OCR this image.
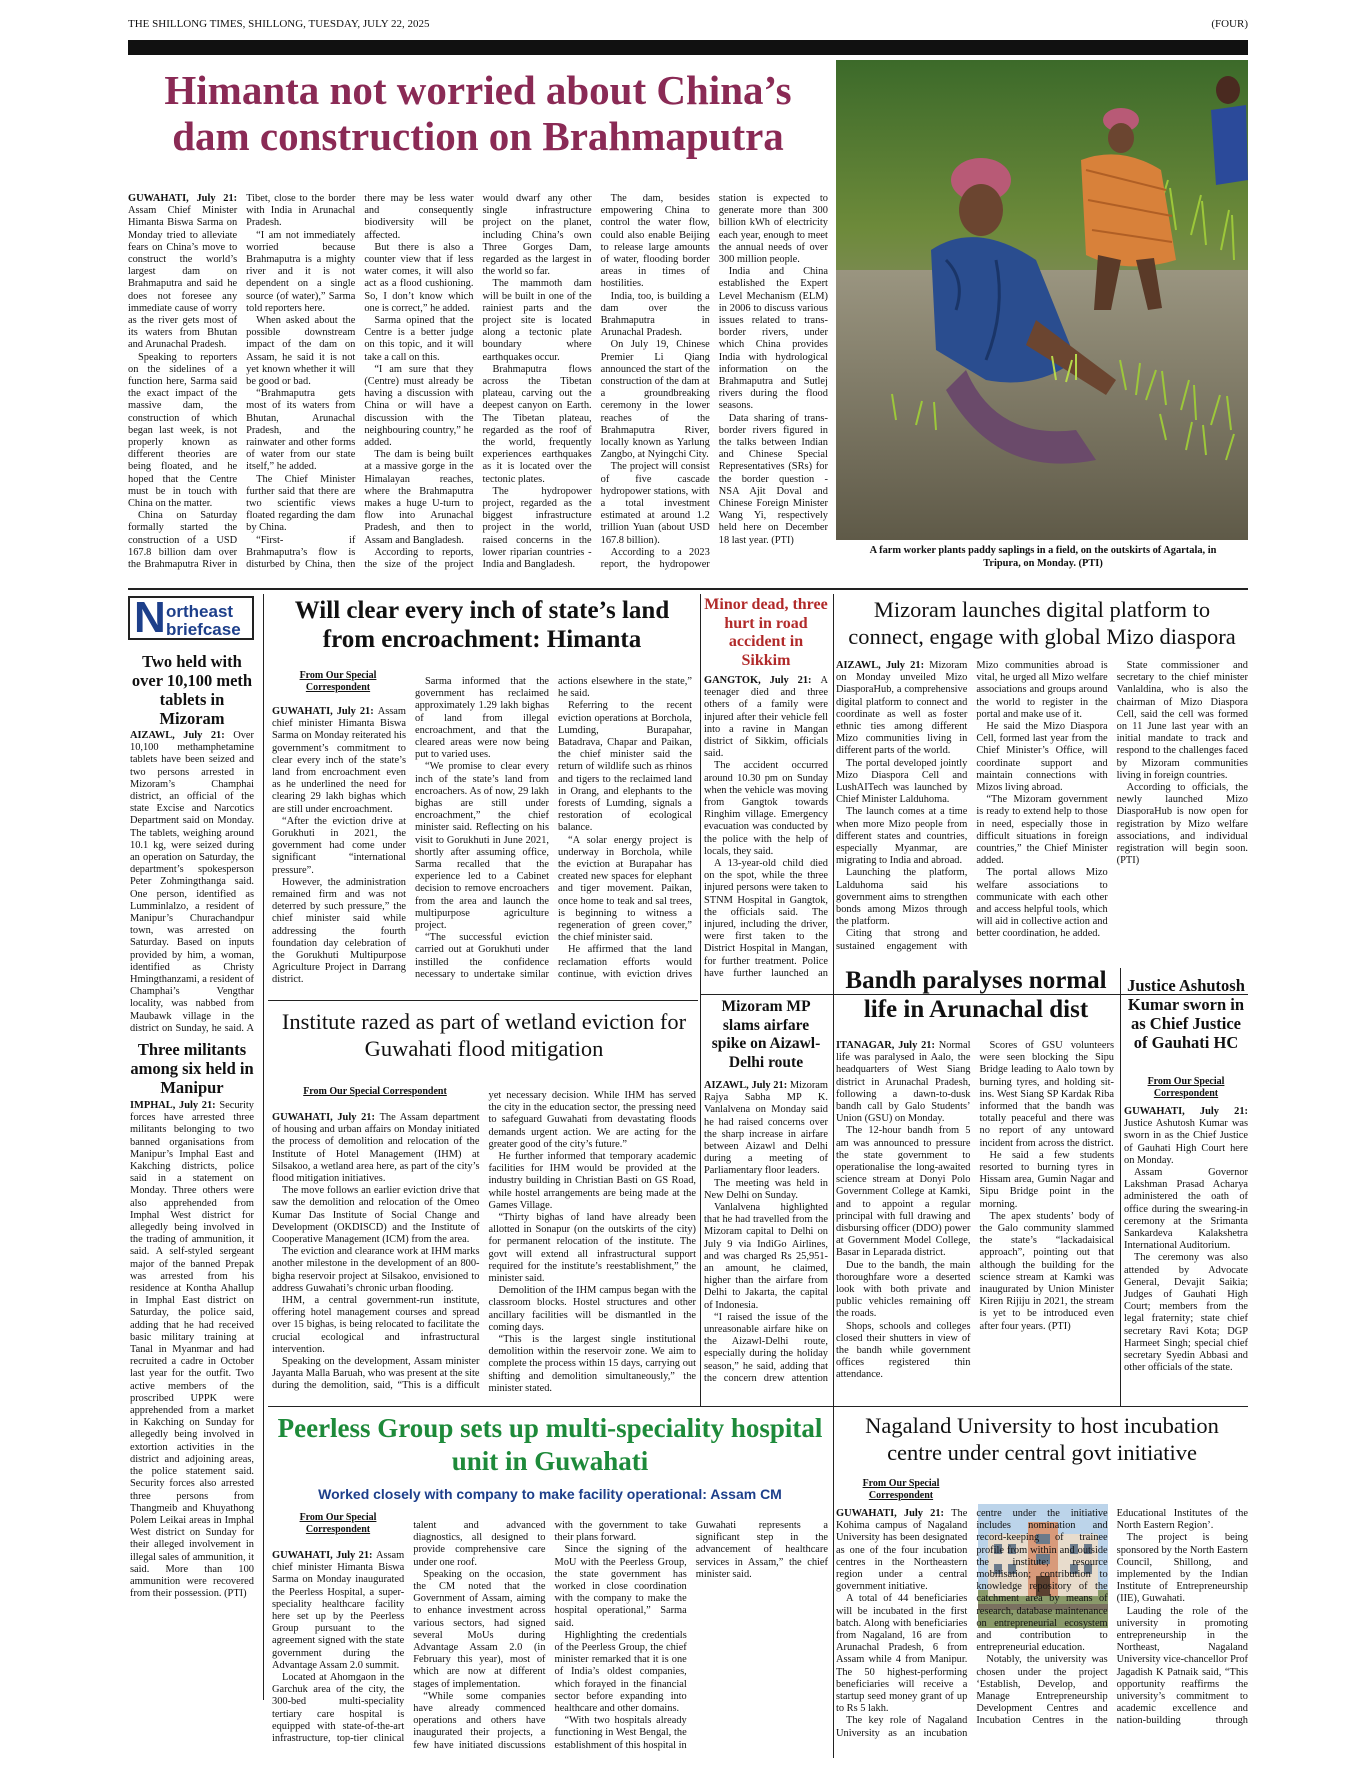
THE SHILLONG TIMES, SHILLONG, TUESDAY, JULY 22, 2025	(FOUR)
Himanta not worried about China’s dam construction on Brahmaputra

GUWAHATI, July 21: Assam Chief Minister Himanta Biswa Sarma on Monday tried to alleviate fears on China’s move to construct the world’s largest dam on Brahmaputra and said he does not foresee any immediate cause of worry as the river gets most of its waters from Bhutan and Arunachal Pradesh.

Speaking to reporters on the sidelines of a function here, Sarma said the exact impact of the massive dam, the construction of which began last week, is not properly known as different theories are being floated, and he hoped that the Centre must be in touch with China on the matter.

China on Saturday formally started the construction of a USD 167.8 billion dam over the Brahmaputra River in Tibet, close to the border with India in Arunachal Pradesh.

“I am not immediately worried because Brahmaputra is a mighty river and it is not dependent on a single source (of water),” Sarma told reporters here.

When asked about the possible downstream impact of the dam on Assam, he said it is not yet known whether it will be good or bad.

“Brahmaputra gets most of its waters from Bhutan, Arunachal Pradesh, and the rainwater and other forms of water from our state itself,” he added.

The Chief Minister further said that there are two scientific views floated regarding the dam by China.

“First- if Brahmaputra’s flow is disturbed by China, then there may be less water and consequently biodiversity will be affected.

But there is also a counter view that if less water comes, it will also act as a flood cushioning. So, I don’t know which one is correct,” he added.

Sarma opined that the Centre is a better judge on this topic, and it will take a call on this.

“I am sure that they (Centre) must already be having a discussion with China or will have a discussion with the neighbouring country,” he added.

The dam is being built at a massive gorge in the Himalayan reaches, where the Brahmaputra makes a huge U-turn to flow into Arunachal Pradesh, and then to Assam and Bangladesh.

According to reports, the size of the project would dwarf any other single infrastructure project on the planet, including China’s own Three Gorges Dam, regarded as the largest in the world so far.

The mammoth dam will be built in one of the rainiest parts and the project site is located along a tectonic plate boundary where earthquakes occur.

Brahmaputra flows across the Tibetan plateau, carving out the deepest canyon on Earth. The Tibetan plateau, regarded as the roof of the world, frequently experiences earthquakes as it is located over the tectonic plates.

The hydropower project, regarded as the biggest infrastructure project in the world, raised concerns in the lower riparian countries - India and Bangladesh.

The dam, besides empowering China to control the water flow, could also enable Beijing to release large amounts of water, flooding border areas in times of hostilities.

India, too, is building a dam over the Brahmaputra in Arunachal Pradesh.

On July 19, Chinese Premier Li Qiang announced the start of the construction of the dam at a groundbreaking ceremony in the lower reaches of the Brahmaputra River, locally known as Yarlung Zangbo, at Nyingchi City.

The project will consist of five cascade hydropower stations, with a total investment estimated at around 1.2 trillion Yuan (about USD 167.8 billion).

According to a 2023 report, the hydropower station is expected to generate more than 300 billion kWh of electricity each year, enough to meet the annual needs of over 300 million people.

India and China established the Expert Level Mechanism (ELM) in 2006 to discuss various issues related to trans-border rivers, under which China provides India with hydrological information on the Brahmaputra and Sutlej rivers during the flood seasons.

Data sharing of trans-border rivers figured in the talks between Indian and Chinese Special Representatives (SRs) for the border question - NSA Ajit Doval and Chinese Foreign Minister Wang Yi, respectively held here on December 18 last year. (PTI)

A farm worker plants paddy saplings in a field, on the outskirts of Agartala, in Tripura, on Monday. (PTI)
N ortheast
briefcase
Two held with over 10,100 meth tablets in Mizoram

AIZAWL, July 21: Over 10,100 methamphetamine tablets have been seized and two persons arrested in Mizoram’s Champhai district, an official of the state Excise and Narcotics Department said on Monday. The tablets, weighing around 10.1 kg, were seized during an operation on Saturday, the department’s spokesperson Peter Zohmingthanga said. One person, identified as Lumminlalzo, a resident of Manipur’s Churachandpur town, was arrested on Saturday. Based on inputs provided by him, a woman, identified as Christy Hmingthanzami, a resident of Champhai’s Vengthar locality, was nabbed from Maubawk village in the district on Sunday, he said. A

Three militants among six held in Manipur

IMPHAL, July 21: Security forces have arrested three militants belonging to two banned organisations from Manipur’s Imphal East and Kakching districts, police said in a statement on Monday. Three others were also apprehended from Imphal West district for allegedly being involved in the trading of ammunition, it said. A self-styled sergeant major of the banned Prepak was arrested from his residence at Kontha Ahallup in Imphal East district on Saturday, the police said, adding that he had received basic military training at Tanal in Myanmar and had recruited a cadre in October last year for the outfit. Two active members of the proscribed UPPK were apprehended from a market in Kakching on Sunday for allegedly being involved in extortion activities in the district and adjoining areas, the police statement said. Security forces also arrested three persons from Thangmeib and Khuyathong Polem Leikai areas in Imphal West district on Sunday for their alleged involvement in illegal sales of ammunition, it said. More than 100 ammunition were recovered from their possession. (PTI)

Will clear every inch of state’s land from encroachment: Himanta
From Our Special
Correspondent

GUWAHATI, July 21: Assam chief minister Himanta Biswa Sarma on Monday reiterated his government’s commitment to clear every inch of the state’s land from encroachment even as he underlined the need for clearing 29 lakh bighas which are still under encroachment.

“After the eviction drive at Gorukhuti in 2021, the government had come under significant “international pressure”.

However, the administration remained firm and was not deterred by such pressure,” the chief minister said while addressing the fourth foundation day celebration of the Gorukhuti Multipurpose Agriculture Project in Darrang district.

Sarma informed that the government has reclaimed approximately 1.29 lakh bighas of land from illegal encroachment, and that the cleared areas were now being put to varied uses.

“We promise to clear every inch of the state’s land from encroachers. As of now, 29 lakh bighas are still under encroachment,” the chief minister said. Reflecting on his visit to Gorukhuti in June 2021, shortly after assuming office, Sarma recalled that the experience led to a Cabinet decision to remove encroachers from the area and launch the multipurpose agriculture project.

“The successful eviction carried out at Gorukhuti under instilled the confidence necessary to undertake similar actions elsewhere in the state,” he said.

Referring to the recent eviction operations at Borchola, Lumding, Burapahar, Batadrava, Chapar and Paikan, the chief minister said the return of wildlife such as rhinos and tigers to the reclaimed land in Orang, and elephants to the forests of Lumding, signals a restoration of ecological balance.

“A solar energy project is underway in Borchola, while the eviction at Burapahar has created new spaces for elephant and tiger movement. Paikan, once home to teak and sal trees, is beginning to witness a regeneration of green cover,” the chief minister said.

He affirmed that the land reclamation efforts would continue, with eviction drives

Minor dead, three hurt in road accident in Sikkim

GANGTOK, July 21: A teenager died and three others of a family were injured after their vehicle fell into a ravine in Mangan district of Sikkim, officials said.

The accident occurred around 10.30 pm on Sunday when the vehicle was moving from Gangtok towards Ringhim village. Emergency evacuation was conducted by the police with the help of locals, they said.

A 13-year-old child died on the spot, while the three injured persons were taken to STNM Hospital in Gangtok, the officials said. The injured, including the driver, were first taken to the District Hospital in Mangan, for further treatment. Police have further launched an

Mizoram launches digital platform to connect, engage with global Mizo diaspora

AIZAWL, July 21: Mizoram on Monday unveiled Mizo DiasporaHub, a comprehensive digital platform to connect and coordinate as well as foster ethnic ties among different Mizo communities living in different parts of the world.

The portal developed jointly Mizo Diaspora Cell and LushAITech was launched by Chief Minister Lalduhoma.

The launch comes at a time when more Mizo people from different states and countries, especially Myanmar, are migrating to India and abroad.

Launching the platform, Lalduhoma said his government aims to strengthen bonds among Mizos through the platform.

Citing that strong and sustained engagement with Mizo communities abroad is vital, he urged all Mizo welfare associations and groups around the world to register in the portal and make use of it.

He said the Mizo Diaspora Cell, formed last year from the Chief Minister’s Office, will coordinate support and maintain connections with Mizos living abroad.

“The Mizoram government is ready to extend help to those in need, especially those in difficult situations in foreign countries,” the Chief Minister added.

The portal allows Mizo welfare associations to communicate with each other and access helpful tools, which will aid in collective action and better coordination, he added.

State commissioner and secretary to the chief minister Vanlaldina, who is also the chairman of Mizo Diaspora Cell, said the cell was formed on 11 June last year with an initial mandate to track and respond to the challenges faced by Mizoram communities living in foreign countries.

According to officials, the newly launched Mizo DiasporaHub is now open for registration by Mizo welfare associations, and individual registration will begin soon. (PTI)

Institute razed as part of wetland eviction for Guwahati flood mitigation
From Our Special Correspondent

GUWAHATI, July 21: The Assam department of housing and urban affairs on Monday initiated the process of demolition and relocation of the Institute of Hotel Management (IHM) at Silsakoo, a wetland area here, as part of the city’s flood mitigation initiatives.

The move follows an earlier eviction drive that saw the demolition and relocation of the Omeo Kumar Das Institute of Social Change and Development (OKDISCD) and the Institute of Cooperative Management (ICM) from the area.

The eviction and clearance work at IHM marks another milestone in the development of an 800-bigha reservoir project at Silsakoo, envisioned to address Guwahati’s chronic urban flooding.

IHM, a central government-run institute, offering hotel management courses and spread over 15 bighas, is being relocated to facilitate the crucial ecological and infrastructural intervention.

Speaking on the development, Assam minister Jayanta Malla Baruah, who was present at the site during the demolition, said, “This is a difficult yet necessary decision. While IHM has served the city in the education sector, the pressing need to safeguard Guwahati from devastating floods demands urgent action. We are acting for the greater good of the city’s future.”

He further informed that temporary academic facilities for IHM would be provided at the industry building in Christian Basti on GS Road, while hostel arrangements are being made at the Games Village.

“Thirty bighas of land have already been allotted in Sonapur (on the outskirts of the city) for permanent relocation of the institute. The govt will extend all infrastructural support required for the institute’s reestablishment,” the minister said.

Demolition of the IHM campus began with the classroom blocks. Hostel structures and other ancillary facilities will be dismantled in the coming days.

“This is the largest single institutional demolition within the reservoir zone. We aim to complete the process within 15 days, carrying out shifting and demolition simultaneously,” the minister stated.

Mizoram MP slams airfare spike on Aizawl-Delhi route

AIZAWL, July 21: Mizoram Rajya Sabha MP K. Vanlalvena on Monday said he had raised concerns over the sharp increase in airfare between Aizawl and Delhi during a meeting of Parliamentary floor leaders.

The meeting was held in New Delhi on Sunday.

Vanlalvena highlighted that he had travelled from the Mizoram capital to Delhi on July 9 via IndiGo Airlines, and was charged Rs 25,951- an amount, he claimed, higher than the airfare from Delhi to Jakarta, the capital of Indonesia.

“I raised the issue of the unreasonable airfare hike on the Aizawl-Delhi route, especially during the holiday season,” he said, adding that the concern drew attention

Bandh paralyses normal life in Arunachal dist

ITANAGAR, July 21: Normal life was paralysed in Aalo, the headquarters of West Siang district in Arunachal Pradesh, following a dawn-to-dusk bandh call by Galo Students’ Union (GSU) on Monday.

The 12-hour bandh from 5 am was announced to pressure the state government to operationalise the long-awaited science stream at Donyi Polo Government College at Kamki, and to appoint a regular principal with full drawing and disbursing officer (DDO) power at Government Model College, Basar in Leparada district.

Due to the bandh, the main thoroughfare wore a deserted look with both private and public vehicles remaining off the roads.

Shops, schools and colleges closed their shutters in view of the bandh while government offices registered thin attendance.

Scores of GSU volunteers were seen blocking the Sipu Bridge leading to Aalo town by burning tyres, and holding sit-ins. West Siang SP Kardak Riba informed that the bandh was totally peaceful and there was no report of any untoward incident from across the district.

He said a few students resorted to burning tyres in Hissam area, Gumin Nagar and Sipu Bridge point in the morning.

The apex students’ body of the Galo community slammed the state’s “lackadaisical approach”, pointing out that although the building for the science stream at Kamki was inaugurated by Union Minister Kiren Rijiju in 2021, the stream is yet to be introduced even after four years. (PTI)

Justice Ashutosh Kumar sworn in as Chief Justice of Gauhati HC
From Our Special
Correspondent

GUWAHATI, July 21: Justice Ashutosh Kumar was sworn in as the Chief Justice of Gauhati High Court here on Monday.

Assam Governor Lakshman Prasad Acharya administered the oath of office during the swearing-in ceremony at the Srimanta Sankardeva Kalakshetra International Auditorium.

The ceremony was also attended by Advocate General, Devajit Saikia; Judges of Gauhati High Court; members from the legal fraternity; state chief secretary Ravi Kota; DGP Harmeet Singh; special chief secretary Syedin Abbasi and other officials of the state.

Peerless Group sets up multi-speciality hospital unit in Guwahati
Worked closely with company to make facility operational: Assam CM
From Our Special
Correspondent

GUWAHATI, July 21: Assam chief minister Himanta Biswa Sarma on Monday inaugurated the Peerless Hospital, a super-speciality healthcare facility here set up by the Peerless Group pursuant to the agreement signed with the state government during the Advantage Assam 2.0 summit.

Located at Ahomgaon in the Garchuk area of the city, the 300-bed multi-speciality tertiary care hospital is equipped with state-of-the-art infrastructure, top-tier clinical talent and advanced diagnostics, all designed to provide comprehensive care under one roof.

Speaking on the occasion, the CM noted that the Government of Assam, aiming to enhance investment across various sectors, had signed several MoUs during Advantage Assam 2.0 (in February this year), most of which are now at different stages of implementation.

“While some companies have already commenced operations and others have inaugurated their projects, a few have initiated discussions with the government to take their plans forward.

Since the signing of the MoU with the Peerless Group, the state government has worked in close coordination with the company to make the hospital operational,” Sarma said.

Highlighting the credentials of the Peerless Group, the chief minister remarked that it is one of India’s oldest companies, which forayed in the financial sector before expanding into healthcare and other domains.

“With two hospitals already functioning in West Bengal, the establishment of this hospital in Guwahati represents a significant step in the advancement of healthcare services in Assam,” the chief minister said.

Nagaland University to host incubation centre under central govt initiative
From Our Special
Correspondent

GUWAHATI, July 21: The Kohima campus of Nagaland University has been designated as one of the four incubation centres in the Northeastern region under a central government initiative.

A total of 44 beneficiaries will be incubated in the first batch. Along with beneficiaries from Nagaland, 16 are from Arunachal Pradesh, 6 from Assam while 4 from Manipur. The 50 highest-performing beneficiaries will receive a startup seed money grant of up to Rs 5 lakh.

The key role of Nagaland University as an incubation centre under the initiative includes nomination and record-keeping of trainee profile from within and outside the institute; resource mobilisation; contribution to knowledge repository of the catchment area by means of research, database maintenance on entrepreneurial ecosystem and contribution to entrepreneurial education.

Notably, the university was chosen under the project ‘Establish, Develop, and Manage Entrepreneurship Development Centres and Incubation Centres in the Educational Institutes of the North Eastern Region’.

The project is being sponsored by the North Eastern Council, Shillong, and implemented by the Indian Institute of Entrepreneurship (IIE), Guwahati.

Lauding the role of the university in promoting entrepreneurship in the Northeast, Nagaland University vice-chancellor Prof Jagadish K Patnaik said, “This opportunity reaffirms the university’s commitment to academic excellence and nation-building through
